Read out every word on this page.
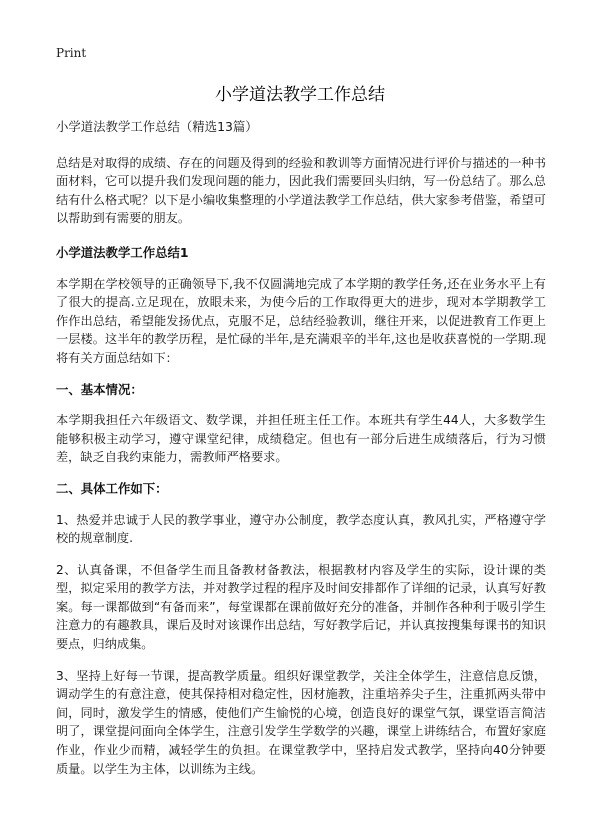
Print
小学道法教学工作总结

小学道法教学工作总结（精选13篇）

总结是对取得的成绩、存在的问题及得到的经验和教训等方面情况进行评价与描述的一种书面材料，它可以提升我们发现问题的能力，因此我们需要回头归纳，写一份总结了。那么总结有什么格式呢？以下是小编收集整理的小学道法教学工作总结，供大家参考借鉴，希望可以帮助到有需要的朋友。

小学道法教学工作总结1

本学期在学校领导的正确领导下,我不仅圆满地完成了本学期的教学任务,还在业务水平上有了很大的提高.立足现在，放眼未来，为使今后的工作取得更大的进步，现对本学期教学工作作出总结，希望能发扬优点，克服不足，总结经验教训，继往开来，以促进教育工作更上一层楼。这半年的教学历程，是忙碌的半年,是充满艰辛的半年,这也是收获喜悦的一学期.现将有关方面总结如下：

一、基本情况：

本学期我担任六年级语文、数学课，并担任班主任工作。本班共有学生44人，大多数学生能够积极主动学习，遵守课堂纪律，成绩稳定。但也有一部分后进生成绩落后，行为习惯差，缺乏自我约束能力，需教师严格要求。

二、具体工作如下：

1、热爱并忠诚于人民的教学事业，遵守办公制度，教学态度认真，教风扎实，严格遵守学校的规章制度.

2、认真备课，不但备学生而且备教材备教法，根据教材内容及学生的实际，设计课的类型，拟定采用的教学方法，并对教学过程的程序及时间安排都作了详细的记录，认真写好教案。每一课都做到“有备而来”，每堂课都在课前做好充分的准备，并制作各种利于吸引学生注意力的有趣教具，课后及时对该课作出总结，写好教学后记，并认真按搜集每课书的知识要点，归纳成集。

3、坚持上好每一节课，提高教学质量。组织好课堂教学，关注全体学生，注意信息反馈，调动学生的有意注意，使其保持相对稳定性，因材施教，注重培养尖子生，注重抓两头带中间，同时，激发学生的情感，使他们产生愉悦的心境，创造良好的课堂气氛，课堂语言简洁明了，课堂提问面向全体学生，注意引发学生学数学的兴趣，课堂上讲练结合，布置好家庭作业，作业少而精，减轻学生的负担。在课堂教学中，坚持启发式教学，坚持向40分钟要质量。以学生为主体，以训练为主线。
